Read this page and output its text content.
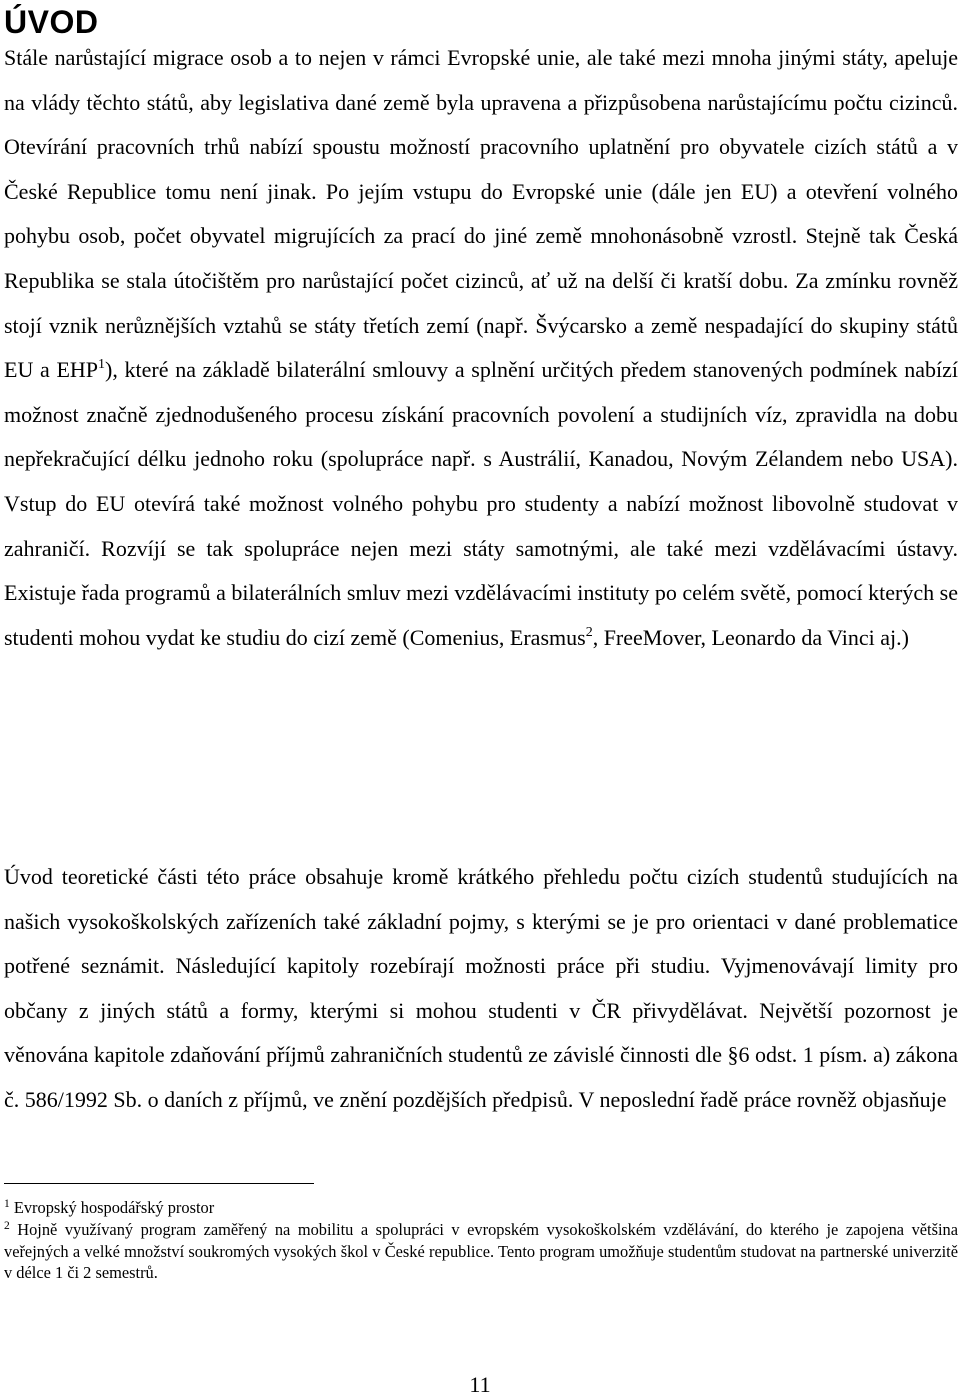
ÚVOD

Stále narůstající migrace osob a to nejen v rámci Evropské unie, ale také mezi mnoha jinými státy, apeluje na vlády těchto států, aby legislativa dané země byla upravena a přizpůsobena narůstajícímu počtu cizinců. Otevírání pracovních trhů nabízí spoustu možností pracovního uplatnění pro obyvatele cizích států a v České Republice tomu není jinak. Po jejím vstupu do Evropské unie (dále jen EU) a otevření volného pohybu osob, počet obyvatel migrujících za prací do jiné země mnohonásobně vzrostl. Stejně tak Česká Republika se stala útočištěm pro narůstající počet cizinců, ať už na delší či kratší dobu. Za zmínku rovněž stojí vznik nerůznějších vztahů se státy třetích zemí (např. Švýcarsko a země nespadající do skupiny států EU a EHP$^1$), které na základě bilaterální smlouvy a splnění určitých předem stanovených podmínek nabízí možnost značně zjednodušeného procesu získání pracovních povolení a studijních víz, zpravidla na dobu nepřekračující délku jednoho roku (spolupráce např. s Austrálií, Kanadou, Novým Zélandem nebo USA). Vstup do EU otevírá také možnost volného pohybu pro studenty a nabízí možnost libovolně studovat v zahraničí. Rozvíjí se tak spolupráce nejen mezi státy samotnými, ale také mezi vzdělávacími ústavy. Existuje řada programů a bilaterálních smluv mezi vzdělávacími instituty po celém světě, pomocí kterých se studenti mohou vydat ke studiu do cizí země (Comenius, Erasmus$^2$, FreeMover, Leonardo da Vinci aj.)

Úvod teoretické části této práce obsahuje kromě krátkého přehledu počtu cizích studentů studujících na našich vysokoškolských zařízeních také základní pojmy, s kterými se je pro orientaci v dané problematice potřené seznámit. Následující kapitoly rozebírají možnosti práce při studiu. Vyjmenovávají limity pro občany z jiných států a formy, kterými si mohou studenti v ČR přivydělávat. Největší pozornost je věnována kapitole zdaňování příjmů zahraničních studentů ze závislé činnosti dle §6 odst. 1 písm. a) zákona č. 586/1992 Sb. o daních z příjmů, ve znění pozdějších předpisů. V neposlední řadě práce rovněž objasňuje

$^1$ Evropský hospodářský prostor

$^2$ Hojně využívaný program zaměřený na mobilitu a spolupráci v evropském vysokoškolském vzdělávání, do kterého je zapojena většina veřejných a velké množství soukromých vysokých škol v České republice. Tento program umožňuje studentům studovat na partnerské univerzitě v délce 1 či 2 semestrů.

11
